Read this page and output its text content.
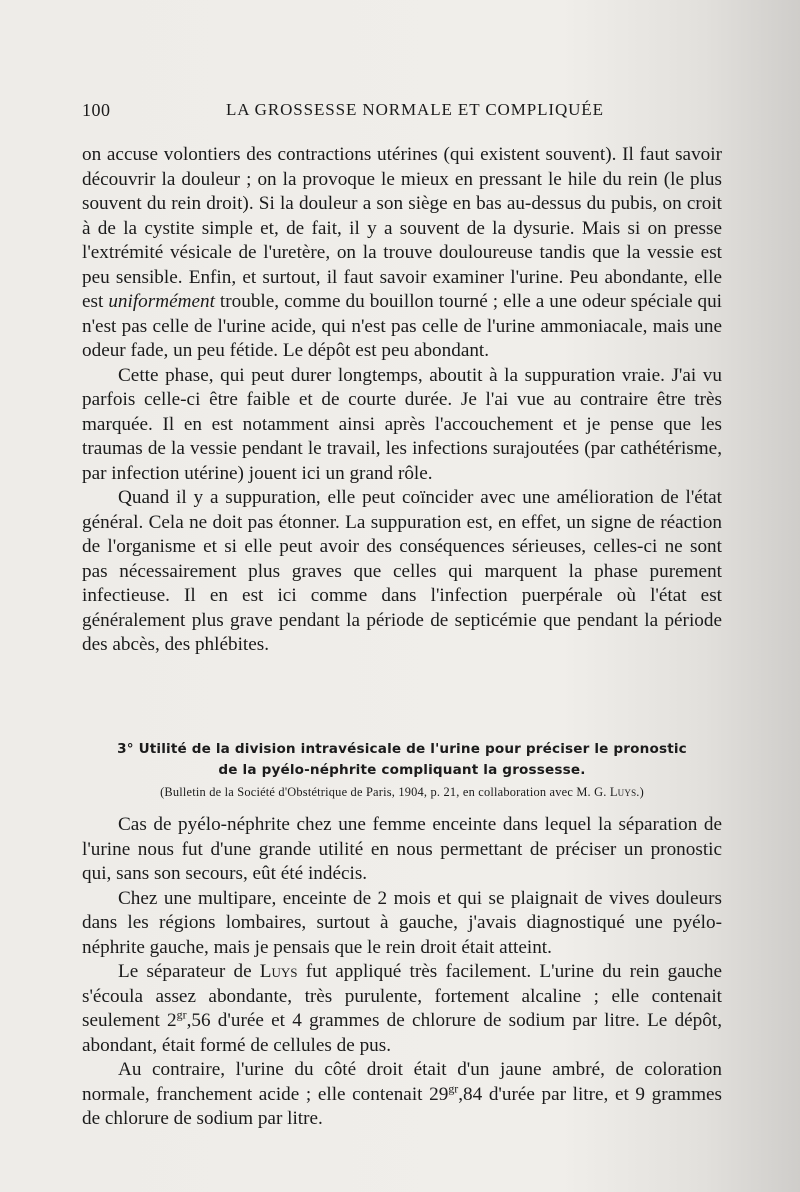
100	LA GROSSESSE NORMALE ET COMPLIQUÉE

on accuse volontiers des contractions utérines (qui existent souvent). Il faut savoir découvrir la douleur ; on la provoque le mieux en pressant le hile du rein (le plus souvent du rein droit). Si la douleur a son siège en bas au-dessus du pubis, on croit à de la cystite simple et, de fait, il y a souvent de la dysurie. Mais si on presse l'extrémité vésicale de l'uretère, on la trouve douloureuse tandis que la vessie est peu sensible. Enfin, et surtout, il faut savoir examiner l'urine. Peu abondante, elle est uniformément trouble, comme du bouillon tourné ; elle a une odeur spéciale qui n'est pas celle de l'urine acide, qui n'est pas celle de l'urine ammoniacale, mais une odeur fade, un peu fétide. Le dépôt est peu abondant.

Cette phase, qui peut durer longtemps, aboutit à la suppuration vraie. J'ai vu parfois celle-ci être faible et de courte durée. Je l'ai vue au contraire être très marquée. Il en est notamment ainsi après l'accouchement et je pense que les traumas de la vessie pendant le travail, les infections surajoutées (par cathétérisme, par infection utérine) jouent ici un grand rôle.

Quand il y a suppuration, elle peut coïncider avec une amélioration de l'état général. Cela ne doit pas étonner. La suppuration est, en effet, un signe de réaction de l'organisme et si elle peut avoir des conséquences sérieuses, celles-ci ne sont pas nécessairement plus graves que celles qui marquent la phase purement infectieuse. Il en est ici comme dans l'infection puerpérale où l'état est généralement plus grave pendant la période de septicémie que pendant la période des abcès, des phlébites.

3° Utilité de la division intravésicale de l'urine pour préciser le pronostic
de la pyélo-néphrite compliquant la grossesse.
(Bulletin de la Société d'Obstétrique de Paris, 1904, p. 21, en collaboration avec M. G. Luys.)

Cas de pyélo-néphrite chez une femme enceinte dans lequel la séparation de l'urine nous fut d'une grande utilité en nous permettant de préciser un pronostic qui, sans son secours, eût été indécis.

Chez une multipare, enceinte de 2 mois et qui se plaignait de vives douleurs dans les régions lombaires, surtout à gauche, j'avais diagnostiqué une pyélo-néphrite gauche, mais je pensais que le rein droit était atteint.

Le séparateur de Luys fut appliqué très facilement. L'urine du rein gauche s'écoula assez abondante, très purulente, fortement alcaline ; elle contenait seulement $2^{gr},56$ d'urée et 4 grammes de chlorure de sodium par litre. Le dépôt, abondant, était formé de cellules de pus.

Au contraire, l'urine du côté droit était d'un jaune ambré, de coloration normale, franchement acide ; elle contenait $29^{gr},84$ d'urée par litre, et 9 grammes de chlorure de sodium par litre.
